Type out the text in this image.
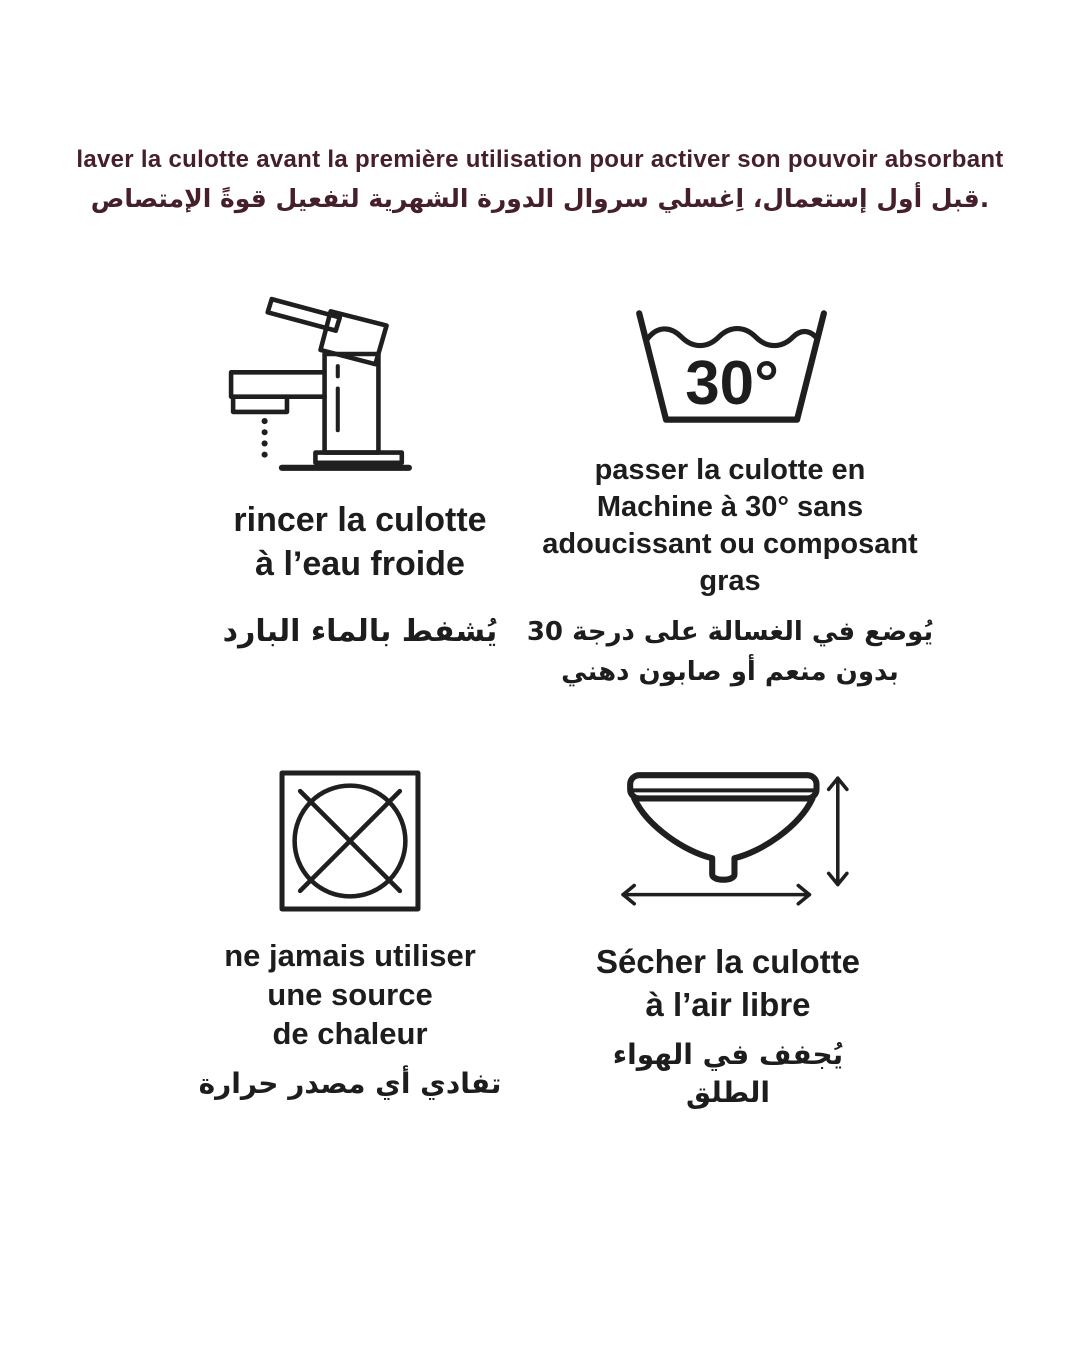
laver la culotte avant la première utilisation pour activer son pouvoir absorbant
.قبل أول إستعمال، اِغسلي سروال الدورة الشهرية لتفعيل قوةً الإمتصاص
rincer la culotte
à l’eau froide
يُشفط بالماء البارد
30°
passer la culotte en
Machine à 30° sans
adoucissant ou composant
gras
يُوضع في الغسالة على درجة 30
بدون منعم أو صابون دهني
ne jamais utiliser
une source
de chaleur
تفادي أي مصدر حرارة
Sécher la culotte
à l’air libre
يُجفف في الهواء
الطلق
